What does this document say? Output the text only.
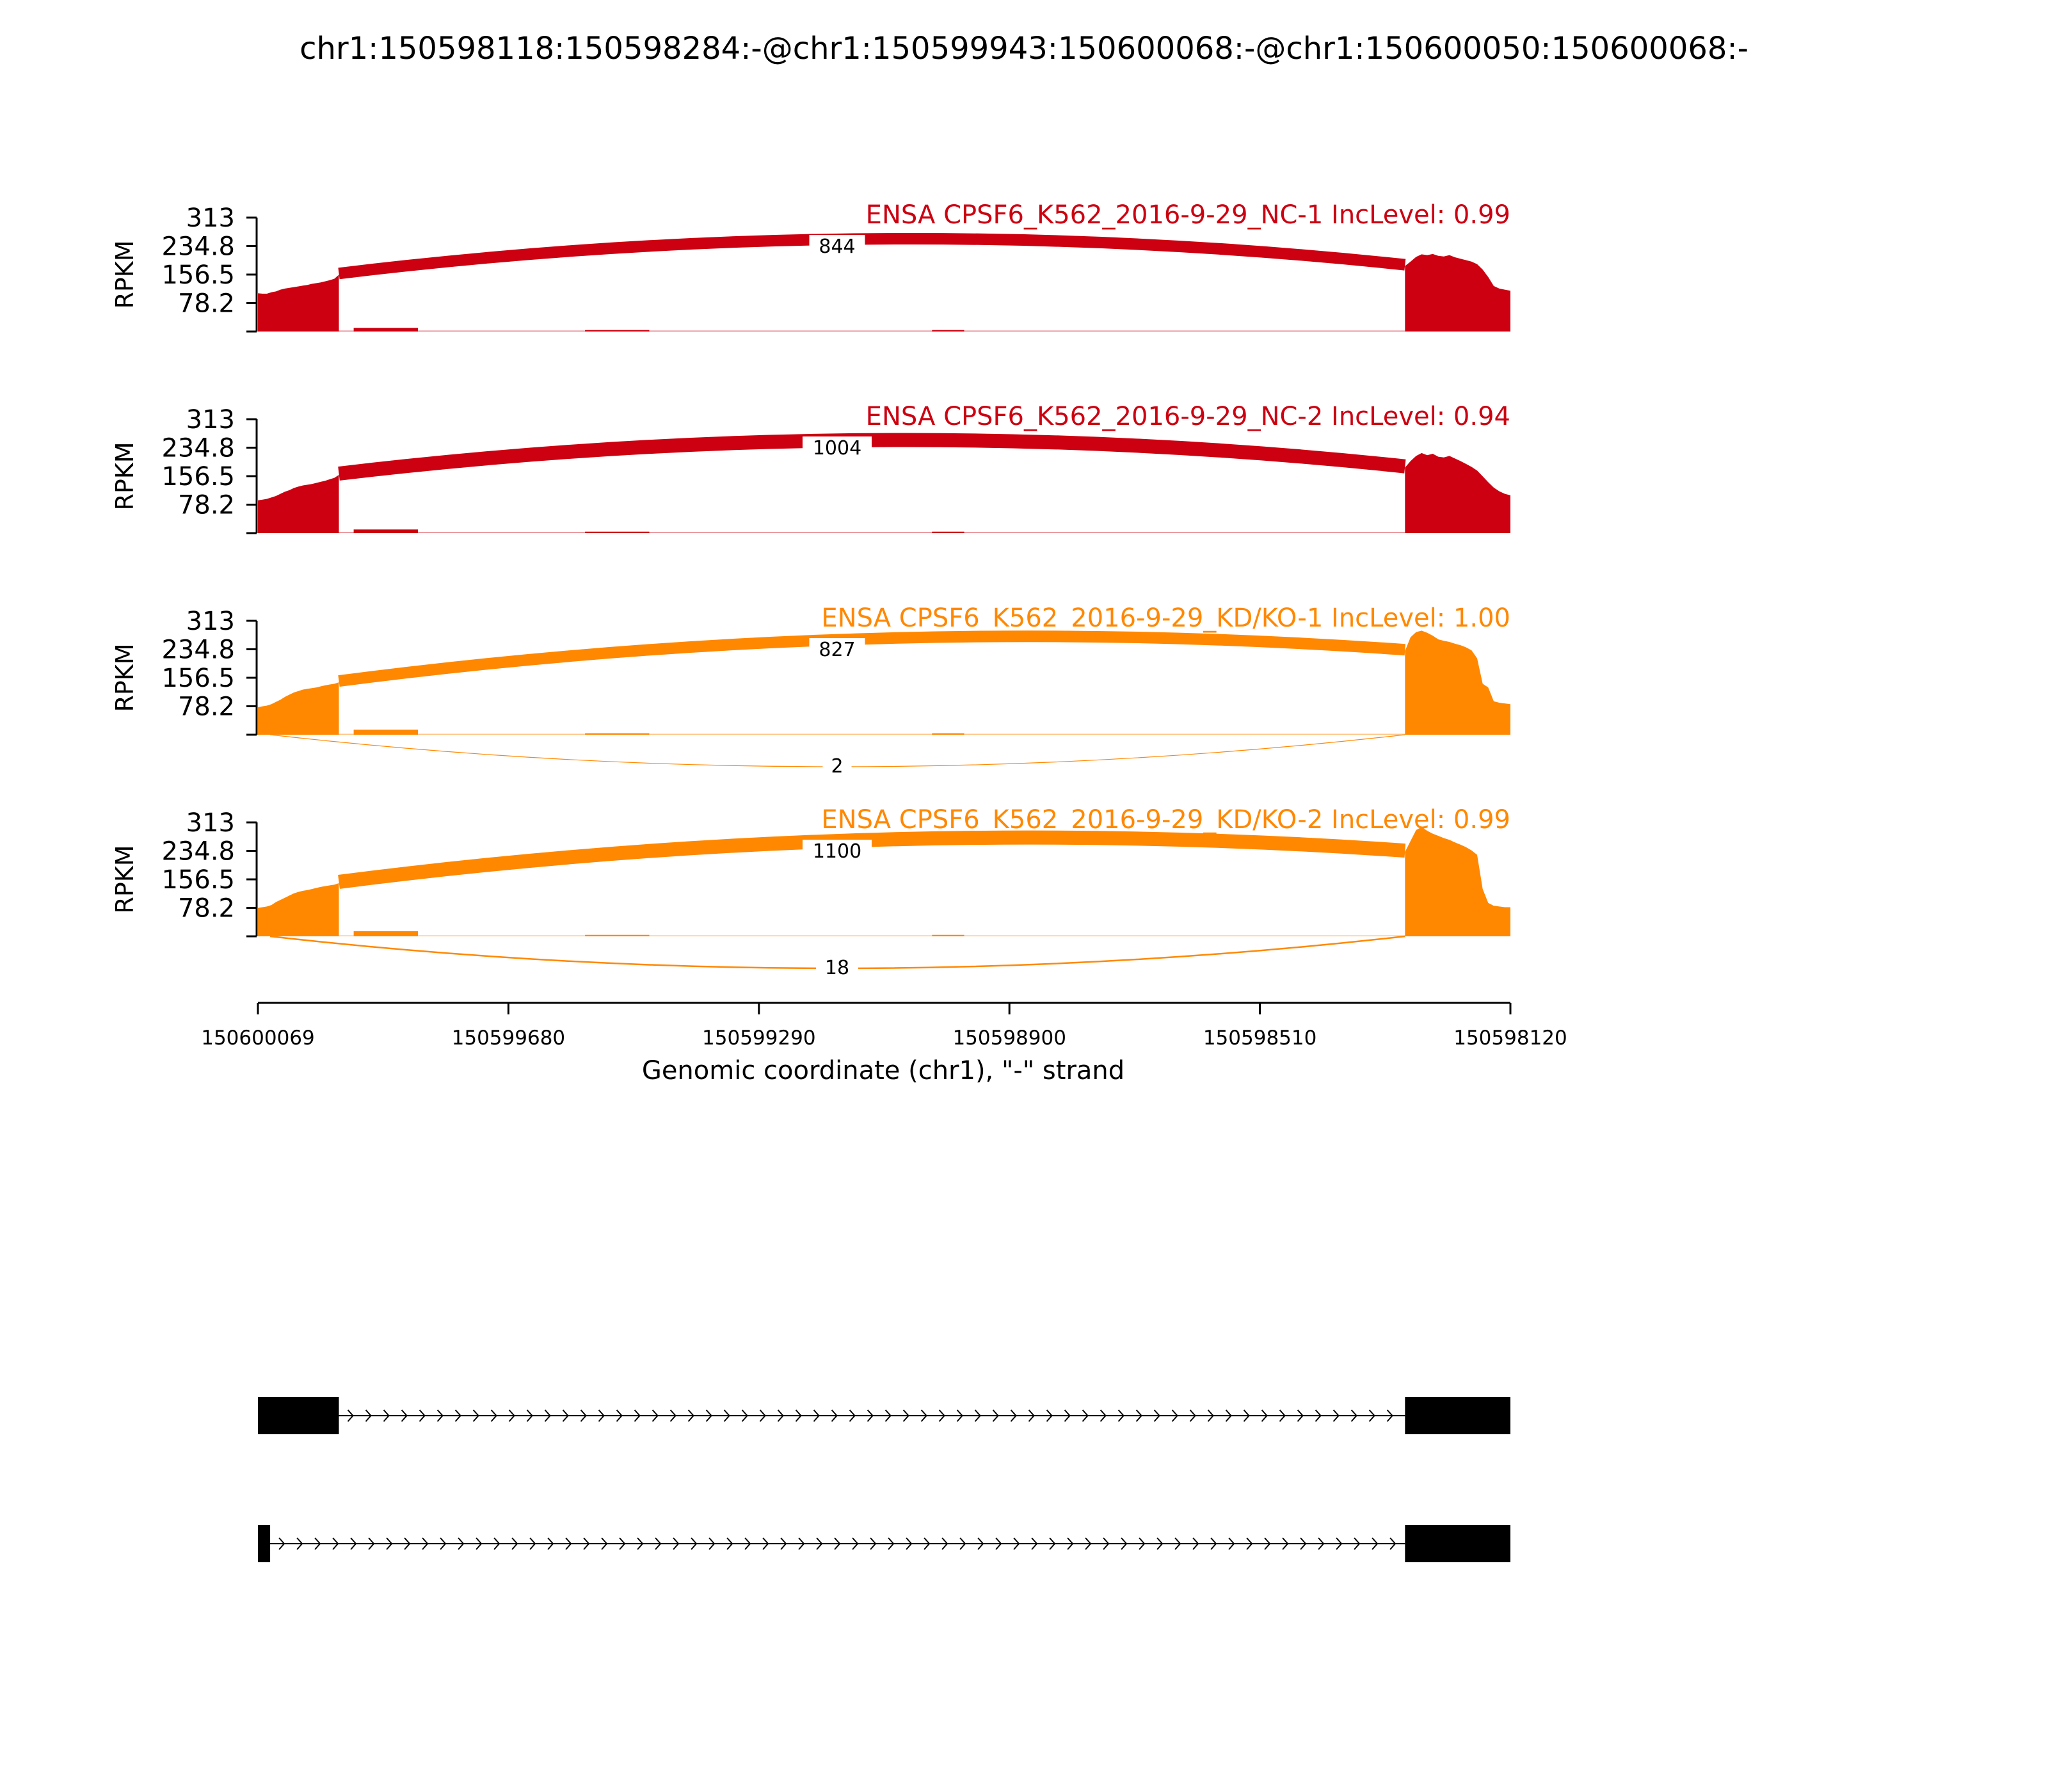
chr1:150598118:150598284:-@chr1:150599943:150600068:-@chr1:150600050:150600068:-
844
313
234.8
156.5
78.2
RPKM
ENSA CPSF6_K562_2016-9-29_NC-1 IncLevel: 0.99
1004
313
234.8
156.5
78.2
RPKM
ENSA CPSF6_K562_2016-9-29_NC-2 IncLevel: 0.94
827
2
313
234.8
156.5
78.2
RPKM
ENSA CPSF6_K562_2016-9-29_KD/KO-1 IncLevel: 1.00
1100
18
313
234.8
156.5
78.2
RPKM
ENSA CPSF6_K562_2016-9-29_KD/KO-2 IncLevel: 0.99
150600069	150599680	150599290	150598900	150598510	150598120
Genomic coordinate (chr1), "-" strand
